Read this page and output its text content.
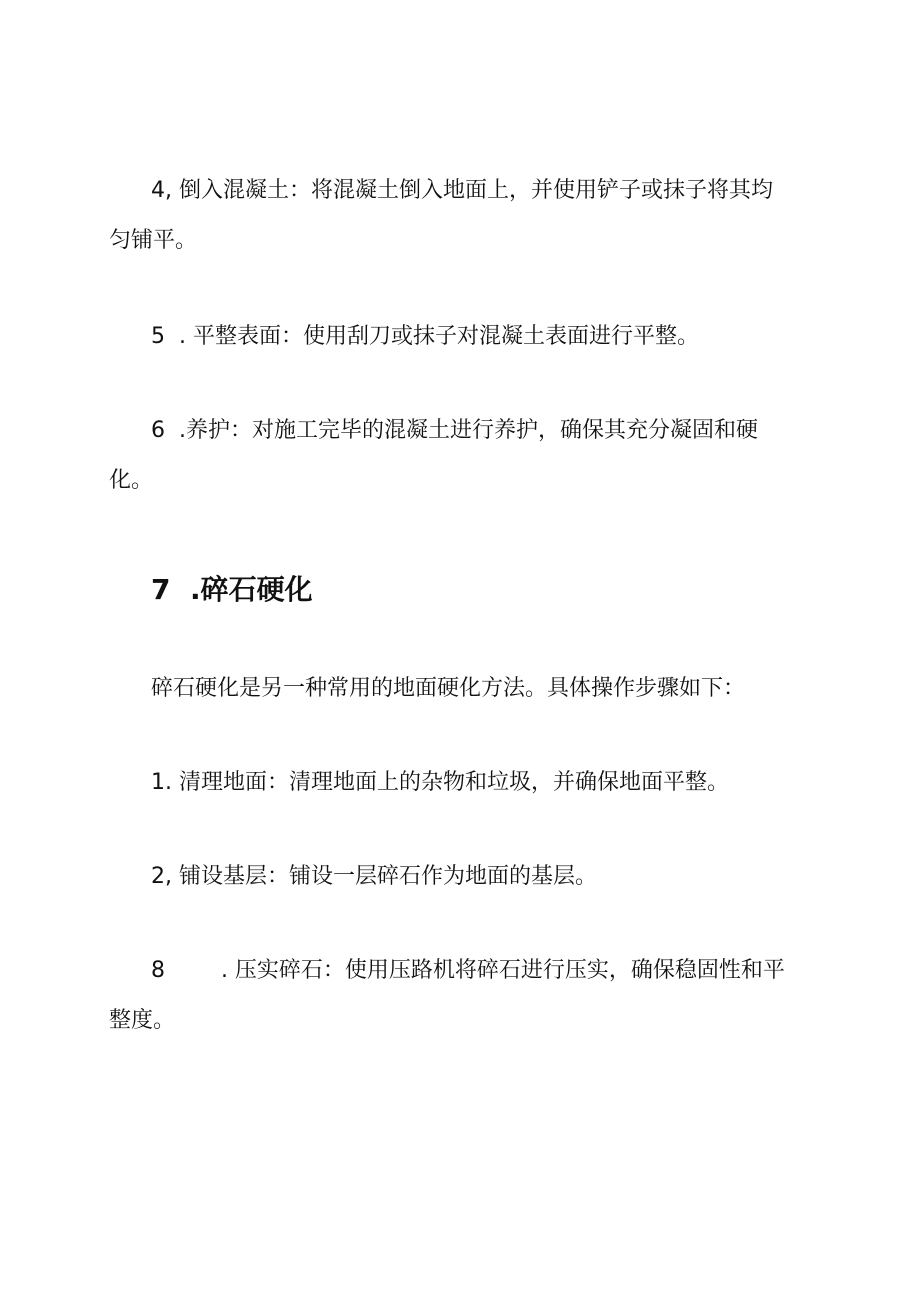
4, 倒入混凝土：将混凝土倒入地面上，并使用铲子或抹子将其均
匀铺平。

5  . 平整表面：使用刮刀或抹子对混凝土表面进行平整。

6  .养护：对施工完毕的混凝土进行养护，确保其充分凝固和硬
化。

7  .碎石硬化

碎石硬化是另一种常用的地面硬化方法。具体操作步骤如下：

1. 清理地面：清理地面上的杂物和垃圾，并确保地面平整。

2, 铺设基层：铺设一层碎石作为地面的基层。

8        . 压实碎石：使用压路机将碎石进行压实，确保稳固性和平
整度。
